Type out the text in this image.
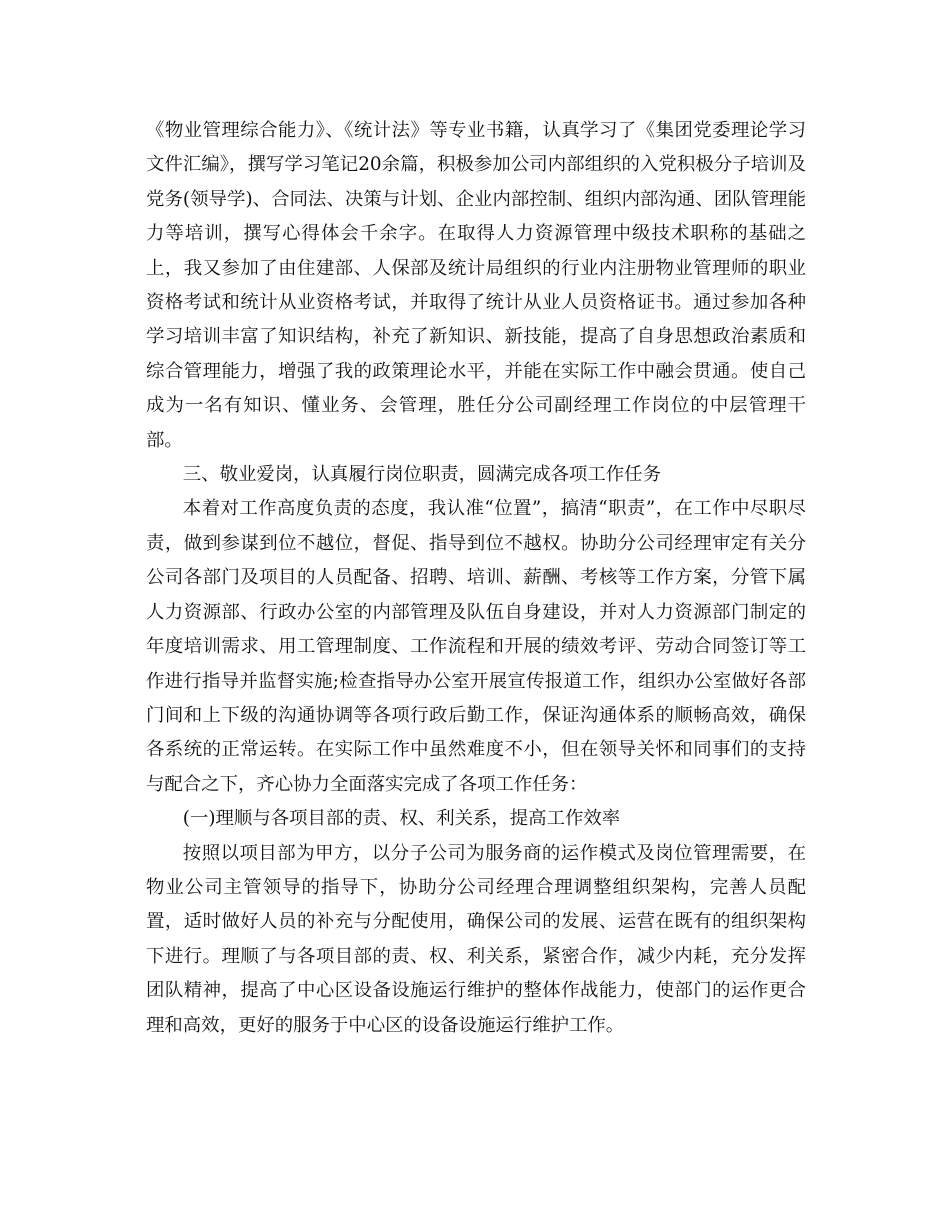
《物业管理综合能力》、《统计法》等专业书籍，认真学习了《集团党委理论学习文件汇编》，撰写学习笔记20余篇，积极参加公司内部组织的入党积极分子培训及党务(领导学)、合同法、决策与计划、企业内部控制、组织内部沟通、团队管理能力等培训，撰写心得体会千余字。在取得人力资源管理中级技术职称的基础之上，我又参加了由住建部、人保部及统计局组织的行业内注册物业管理师的职业资格考试和统计从业资格考试，并取得了统计从业人员资格证书。通过参加各种学习培训丰富了知识结构，补充了新知识、新技能，提高了自身思想政治素质和综合管理能力，增强了我的政策理论水平，并能在实际工作中融会贯通。使自己成为一名有知识、懂业务、会管理，胜任分公司副经理工作岗位的中层管理干部。

三、敬业爱岗，认真履行岗位职责，圆满完成各项工作任务

本着对工作高度负责的态度，我认准“位置”，搞清“职责”，在工作中尽职尽责，做到参谋到位不越位，督促、指导到位不越权。协助分公司经理审定有关分公司各部门及项目的人员配备、招聘、培训、薪酬、考核等工作方案，分管下属人力资源部、行政办公室的内部管理及队伍自身建设，并对人力资源部门制定的年度培训需求、用工管理制度、工作流程和开展的绩效考评、劳动合同签订等工作进行指导并监督实施;检查指导办公室开展宣传报道工作，组织办公室做好各部门间和上下级的沟通协调等各项行政后勤工作，保证沟通体系的顺畅高效，确保各系统的正常运转。在实际工作中虽然难度不小，但在领导关怀和同事们的支持与配合之下，齐心协力全面落实完成了各项工作任务：

(一)理顺与各项目部的责、权、利关系，提高工作效率

按照以项目部为甲方，以分子公司为服务商的运作模式及岗位管理需要，在物业公司主管领导的指导下，协助分公司经理合理调整组织架构，完善人员配置，适时做好人员的补充与分配使用，确保公司的发展、运营在既有的组织架构下进行。理顺了与各项目部的责、权、利关系，紧密合作，减少内耗，充分发挥团队精神，提高了中心区设备设施运行维护的整体作战能力，使部门的运作更合理和高效，更好的服务于中心区的设备设施运行维护工作。
